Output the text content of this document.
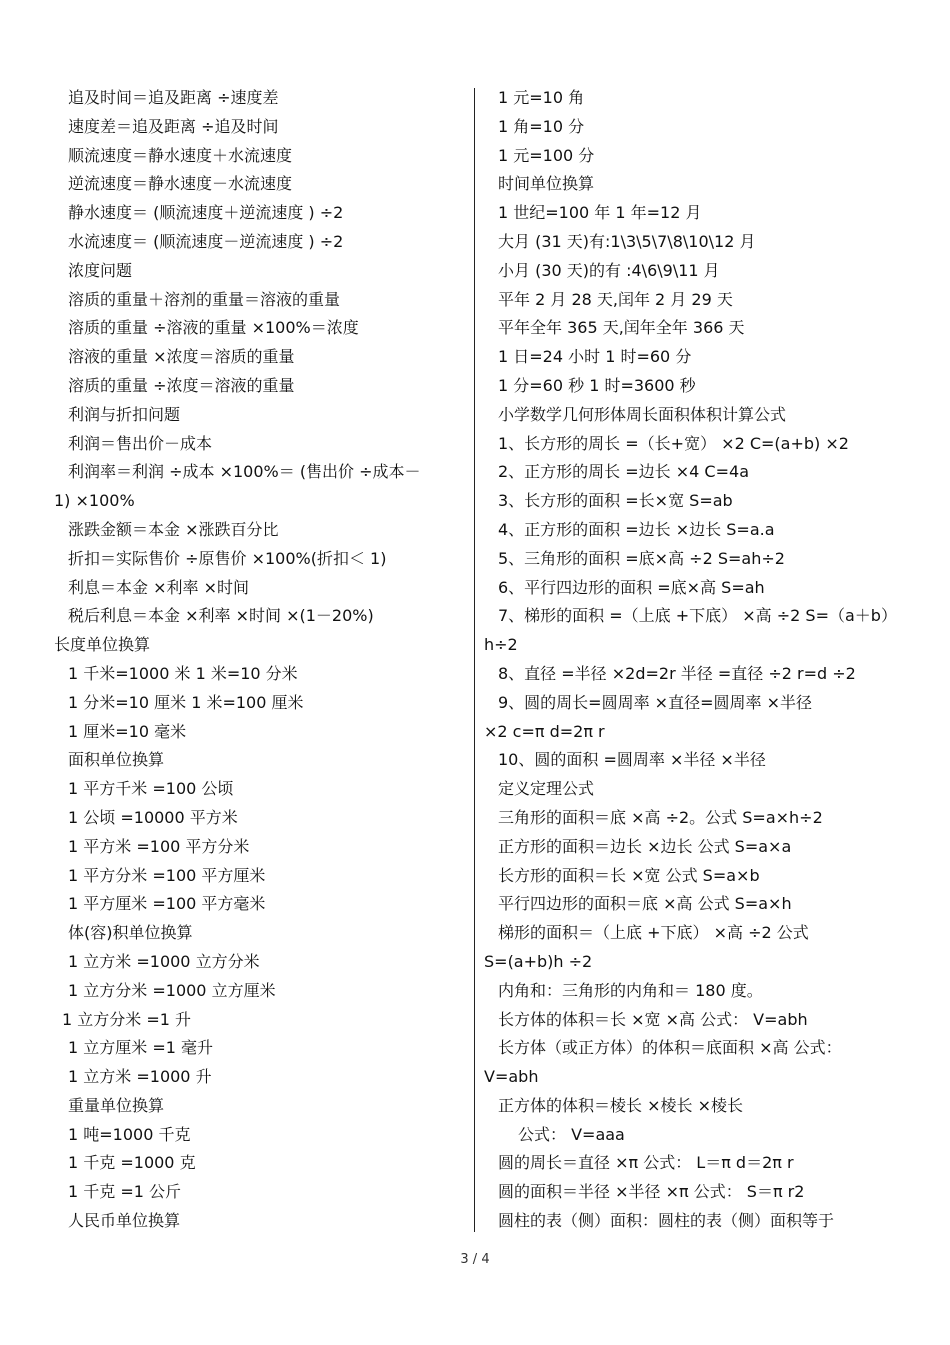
追及时间＝追及距离 ÷速度差
速度差＝追及距离 ÷追及时间
顺流速度＝静水速度＋水流速度
逆流速度＝静水速度－水流速度
静水速度＝ (顺流速度＋逆流速度 ) ÷2
水流速度＝ (顺流速度－逆流速度 ) ÷2
浓度问题
溶质的重量＋溶剂的重量＝溶液的重量
溶质的重量 ÷溶液的重量 ×100%＝浓度
溶液的重量 ×浓度＝溶质的重量
溶质的重量 ÷浓度＝溶液的重量
利润与折扣问题
利润＝售出价－成本
利润率＝利润 ÷成本 ×100%＝ (售出价 ÷成本－
1) ×100%
涨跌金额＝本金 ×涨跌百分比
折扣＝实际售价 ÷原售价 ×100%(折扣＜ 1)
利息＝本金 ×利率 ×时间
税后利息＝本金 ×利率 ×时间 ×(1－20%)
长度单位换算
1 千米=1000 米 1 米=10 分米
1 分米=10 厘米 1 米=100 厘米
1 厘米=10 毫米
面积单位换算
1 平方千米 =100 公顷
1 公顷 =10000 平方米
1 平方米 =100 平方分米
1 平方分米 =100 平方厘米
1 平方厘米 =100 平方毫米
体(容)积单位换算
1 立方米 =1000 立方分米
1 立方分米 =1000 立方厘米
1 立方分米 =1 升
1 立方厘米 =1 毫升
1 立方米 =1000 升
重量单位换算
1 吨=1000 千克
1 千克 =1000 克
1 千克 =1 公斤
人民币单位换算
1 元=10 角
1 角=10 分
1 元=100 分
时间单位换算
1 世纪=100 年 1 年=12 月
大月 (31 天)有:1\3\5\7\8\10\12 月
小月 (30 天)的有 :4\6\9\11 月
平年 2 月 28 天,闰年 2 月 29 天
平年全年 365 天,闰年全年 366 天
1 日=24 小时 1 时=60 分
1 分=60 秒 1 时=3600 秒
小学数学几何形体周长面积体积计算公式
1、长方形的周长 =（长+宽） ×2 C=(a+b) ×2
2、正方形的周长 =边长 ×4 C=4a
3、长方形的面积 =长×宽 S=ab
4、正方形的面积 =边长 ×边长 S=a.a
5、三角形的面积 =底×高 ÷2 S=ah÷2
6、平行四边形的面积 =底×高 S=ah
7、梯形的面积 =（上底 +下底） ×高 ÷2 S=（a＋b）
h÷2
8、直径 =半径 ×2d=2r 半径 =直径 ÷2 r=d ÷2
9、圆的周长=圆周率 ×直径=圆周率 ×半径
×2 c=π d=2π r
10、圆的面积 =圆周率 ×半径 ×半径
定义定理公式
三角形的面积＝底 ×高 ÷2。公式 S=a×h÷2
正方形的面积＝边长 ×边长 公式 S=a×a
长方形的面积＝长 ×宽 公式 S=a×b
平行四边形的面积＝底 ×高 公式 S=a×h
梯形的面积＝（上底 +下底） ×高 ÷2 公式
S=(a+b)h ÷2
内角和：三角形的内角和＝ 180 度。
长方体的体积＝长 ×宽 ×高 公式： V=abh
长方体（或正方体）的体积＝底面积 ×高 公式：
V=abh
正方体的体积＝棱长 ×棱长 ×棱长
公式： V=aaa
圆的周长＝直径 ×π 公式： L＝π d＝2π r
圆的面积＝半径 ×半径 ×π 公式： S＝π r2
圆柱的表（侧）面积：圆柱的表（侧）面积等于
3 / 4
